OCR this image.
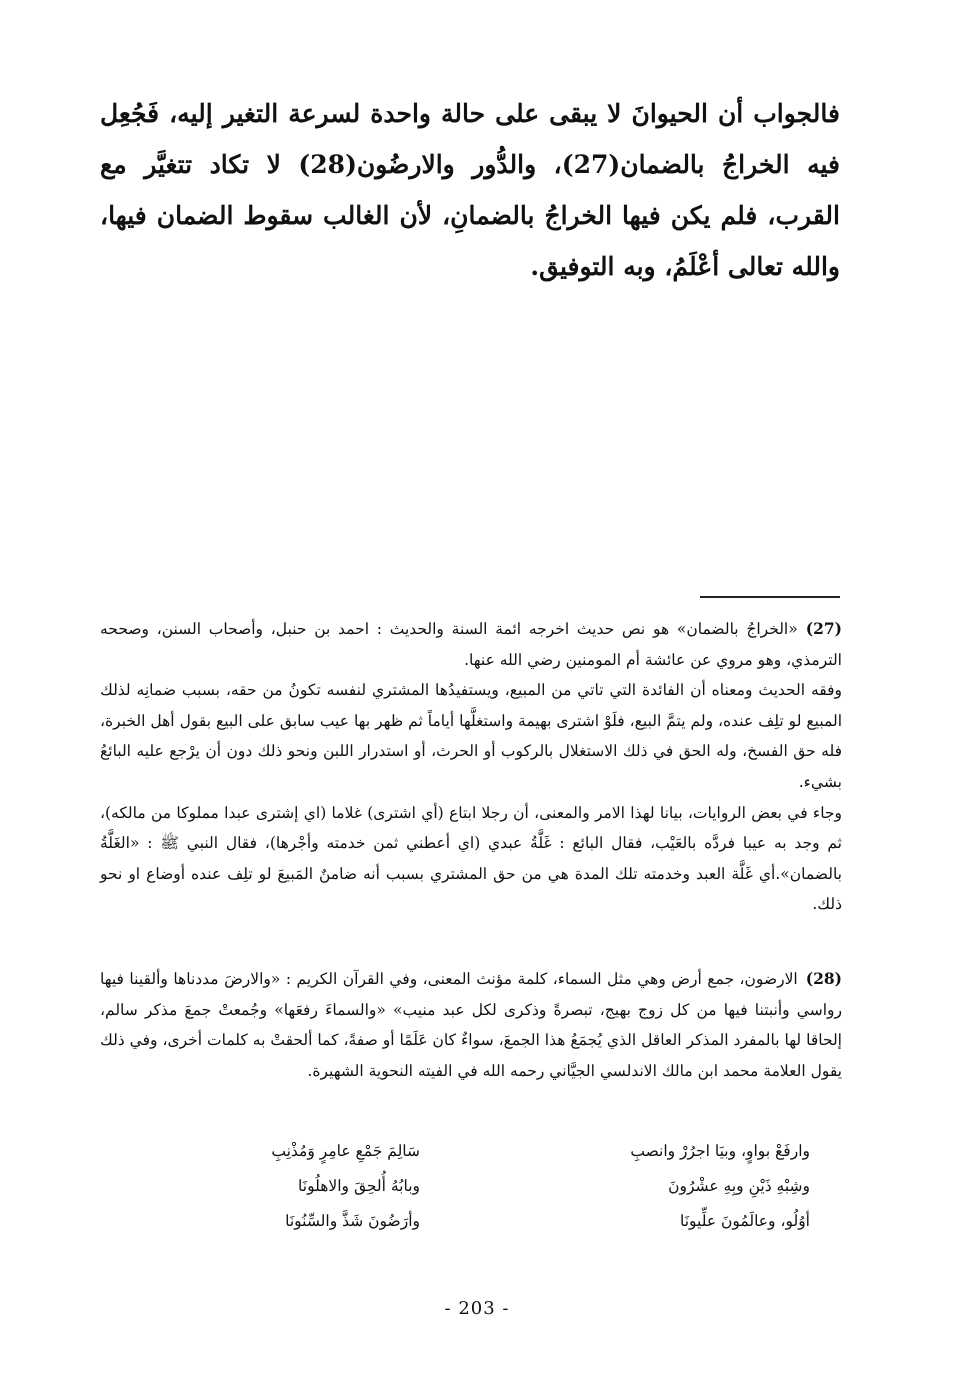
فالجواب أن الحيوانَ لا يبقى على حالة واحدة لسرعة التغير إليه، فَجُعِل فيه الخراجُ بالضمان(27)، والدُّور والارضُون(28) لا تكاد تتغيَّر مع القرب، فلم يكن فيها الخراجُ بالضمانِ، لأن الغالب سقوط الضمان فيها، والله تعالى أعْلَمُ، وبه التوفيق.

(27)«الخراجُ بالضمان» هو نص حديث اخرجه ائمة السنة والحديث : احمد بن حنبل، وأصحاب السنن، وصححه الترمذي، وهو مروي عن عائشة أم المومنين رضي الله عنها.
وفقه الحديث ومعناه أن الفائدة التي تاتي من المبيع، ويستفيدُها المشتري لنفسه تكونُ من حقه، بسبب ضمانِه لذلك المبيع لو تلِف عنده، ولم يتمَّ البيع، فلَوْ اشترى بهيمة واستغلَّها أياماً ثم ظهر بها عيب سابق على البيع بقول أهل الخبرة، فله حق الفسخ، وله الحق في ذلك الاستغلال بالركوب أو الحرث، أو استدرار اللبن ونحو ذلك دون أن يرْجع عليه البائعُ بشيء.
وجاء في بعض الروايات، بيانا لهذا الامر والمعنى، أن رجلا ابتاع (أي اشترى) غلاما (اي إشترى عبدا مملوكا من مالكه)، ثم وجد به عيبا فردَّه بالعَيْب، فقال البائع : غَلَّةُ عبدي (اي أعطني ثمن خدمته وأجْرها)، فقال النبي ﷺ : «الغَلَّةُ بالضمان».أي غَلَّة العبد وخدمته تلك المدة هي من حق المشتري بسبب أنه ضامنٌ المَبيعَ لو تلِف عنده أوضاع او نحو ذلك.
(28)الارضون، جمع أرض وهي مثل السماء، كلمة مؤنث المعنى، وفي القرآن الكريم : «والارضَ مددناها وألقينا فيها رواسي وأنبتنا فيها من كل زوج بهيج، تبصرةً وذكرى لكل عبد منيب» «والسماءَ رفعَها» وجُمعتْ جمعَ مذكر سالم، إلحاقا لها بالمفرد المذكر العاقل الذي يُجمَعُ هذا الجمعَ، سواءٌ كان عَلَمًا أو صفةً، كما ألحقتْ به كلمات أخرى، وفي ذلك يقول العلامة محمد ابن مالك الاندلسي الجيَّاني رحمه الله في الفيته النحوية الشهيرة.
وارفَعْ بواوٍ، وبيَا اجرُرْ وانصبِ
سَالِمَ جَمْعِ عامِرٍ وَمُذْنِبِ
وشِبْهِ ذَيْنِ وبِهِ عشْرُونَ
وبابُهُ أُلحِقَ والاهلُونَا
أوُلُو، وعالَمُونَ علِّيونَا
وأرَضُونَ شَذَّ والسِّنُونَا
- 203 -
